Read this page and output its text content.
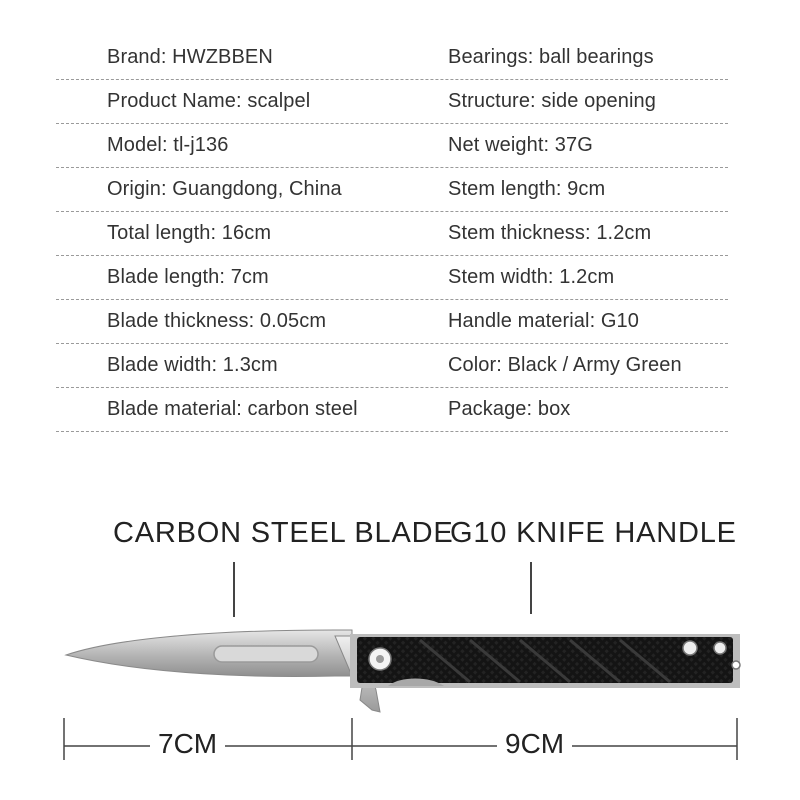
Brand: HWZBBEN	Bearings: ball bearings
Product Name: scalpel	Structure: side opening
Model: tl-j136	Net weight: 37G
Origin: Guangdong, China	Stem length: 9cm
Total length: 16cm	Stem thickness: 1.2cm
Blade length: 7cm	Stem width: 1.2cm
Blade thickness: 0.05cm	Handle material: G10
Blade width: 1.3cm	Color: Black / Army Green
Blade material: carbon steel	Package: box
CARBON STEEL BLADE
G10 KNIFE HANDLE
7CM	9CM
